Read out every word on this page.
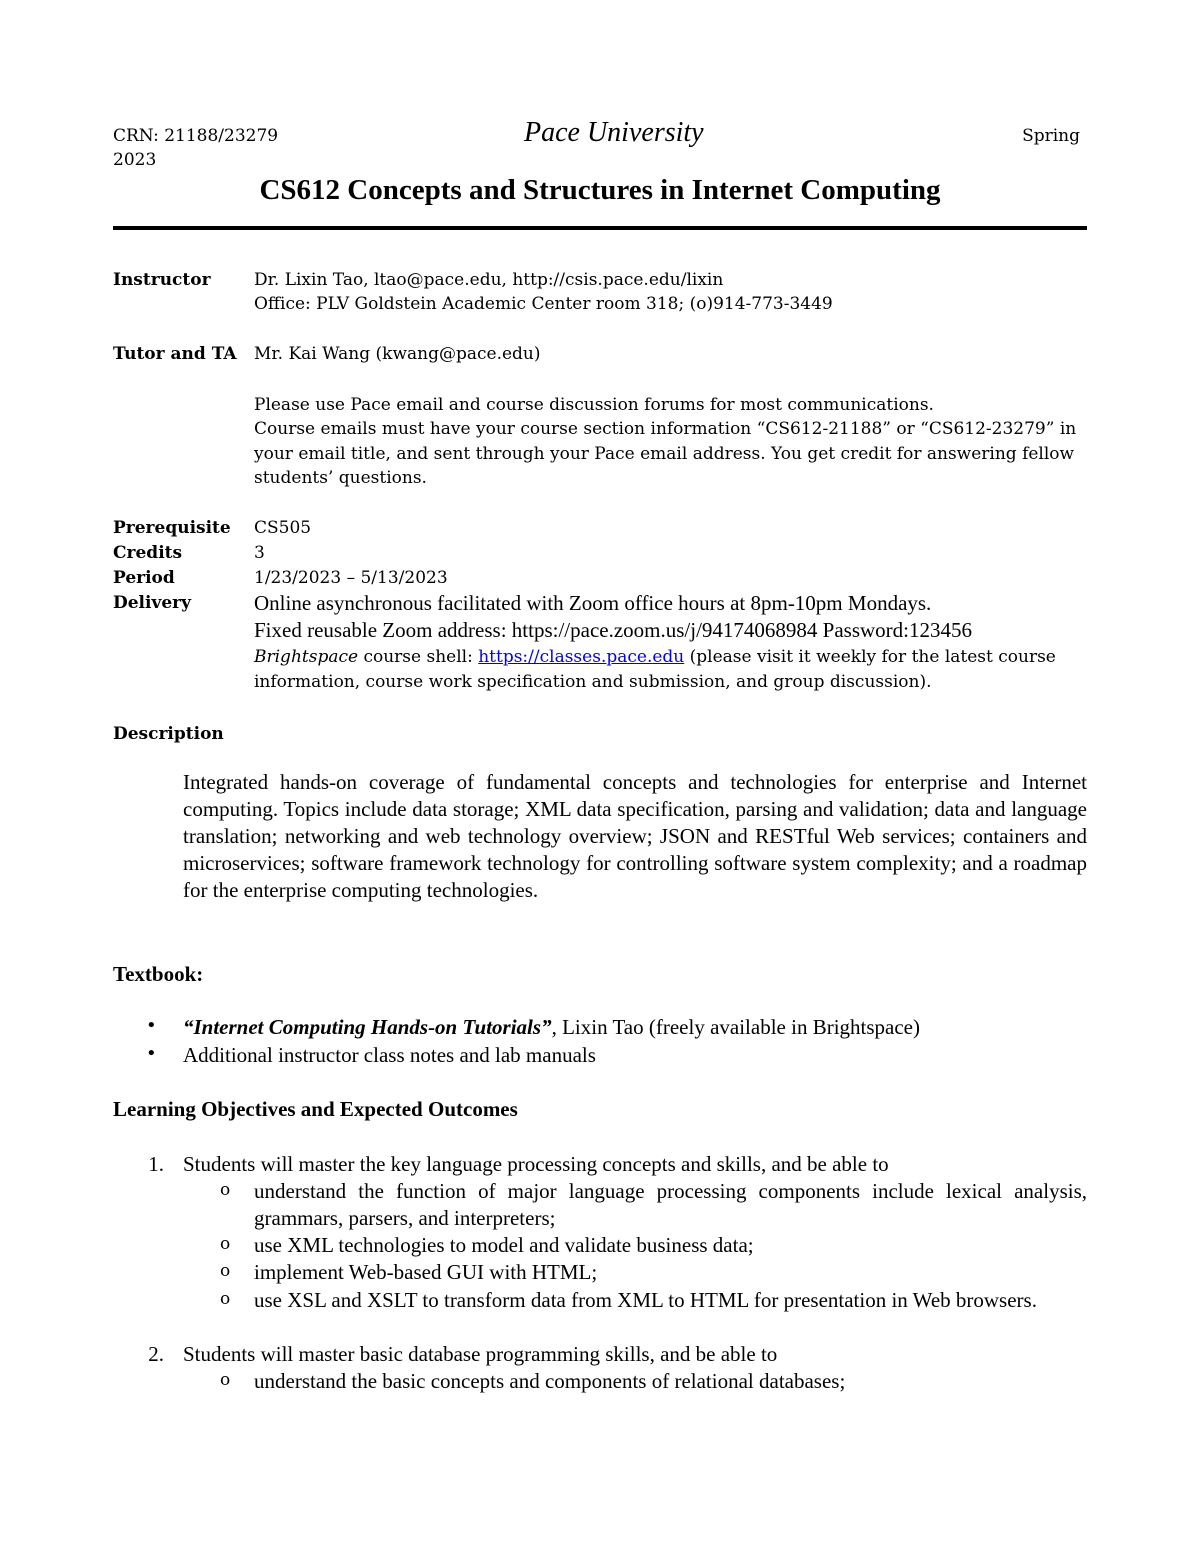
CRN: 21188/23279	Pace University	Spring
2023
CS612 Concepts and Structures in Internet Computing
Instructor	Dr. Lixin Tao, ltao@pace.edu, http://csis.pace.edu/lixin
Office: PLV Goldstein Academic Center room 318; (o)914-773-3449
Tutor and TA Mr. Kai Wang (kwang@pace.edu)
Please use Pace email and course discussion forums for most communications.
Course emails must have your course section information “CS612-21188” or “CS612-23279” in
your email title, and sent through your Pace email address. You get credit for answering fellow
students’ questions.
Prerequisite CS505
Credits	3
Period	1/23/2023 – 5/13/2023
Delivery	Online asynchronous facilitated with Zoom office hours at 8pm-10pm Mondays.
Fixed reusable Zoom address: https://pace.zoom.us/j/94174068984 Password:123456
Brightspace course shell: https://classes.pace.edu (please visit it weekly for the latest course
information, course work specification and submission, and group discussion).
Description
Integrated hands-on coverage of fundamental concepts and technologies for enterprise and Internet computing. Topics include data storage; XML data specification, parsing and validation; data and language translation; networking and web technology overview; JSON and RESTful Web services; containers and microservices; software framework technology for controlling software system complexity; and a roadmap for the enterprise computing technologies.
Textbook:
• “Internet Computing Hands-on Tutorials”, Lixin Tao (freely available in Brightspace)
• Additional instructor class notes and lab manuals
Learning Objectives and Expected Outcomes
1. Students will master the key language processing concepts and skills, and be able to
o understand the function of major language processing components include lexical analysis, grammars, parsers, and interpreters;
o use XML technologies to model and validate business data;
o implement Web-based GUI with HTML;
o use XSL and XSLT to transform data from XML to HTML for presentation in Web browsers.
2. Students will master basic database programming skills, and be able to
o understand the basic concepts and components of relational databases;
